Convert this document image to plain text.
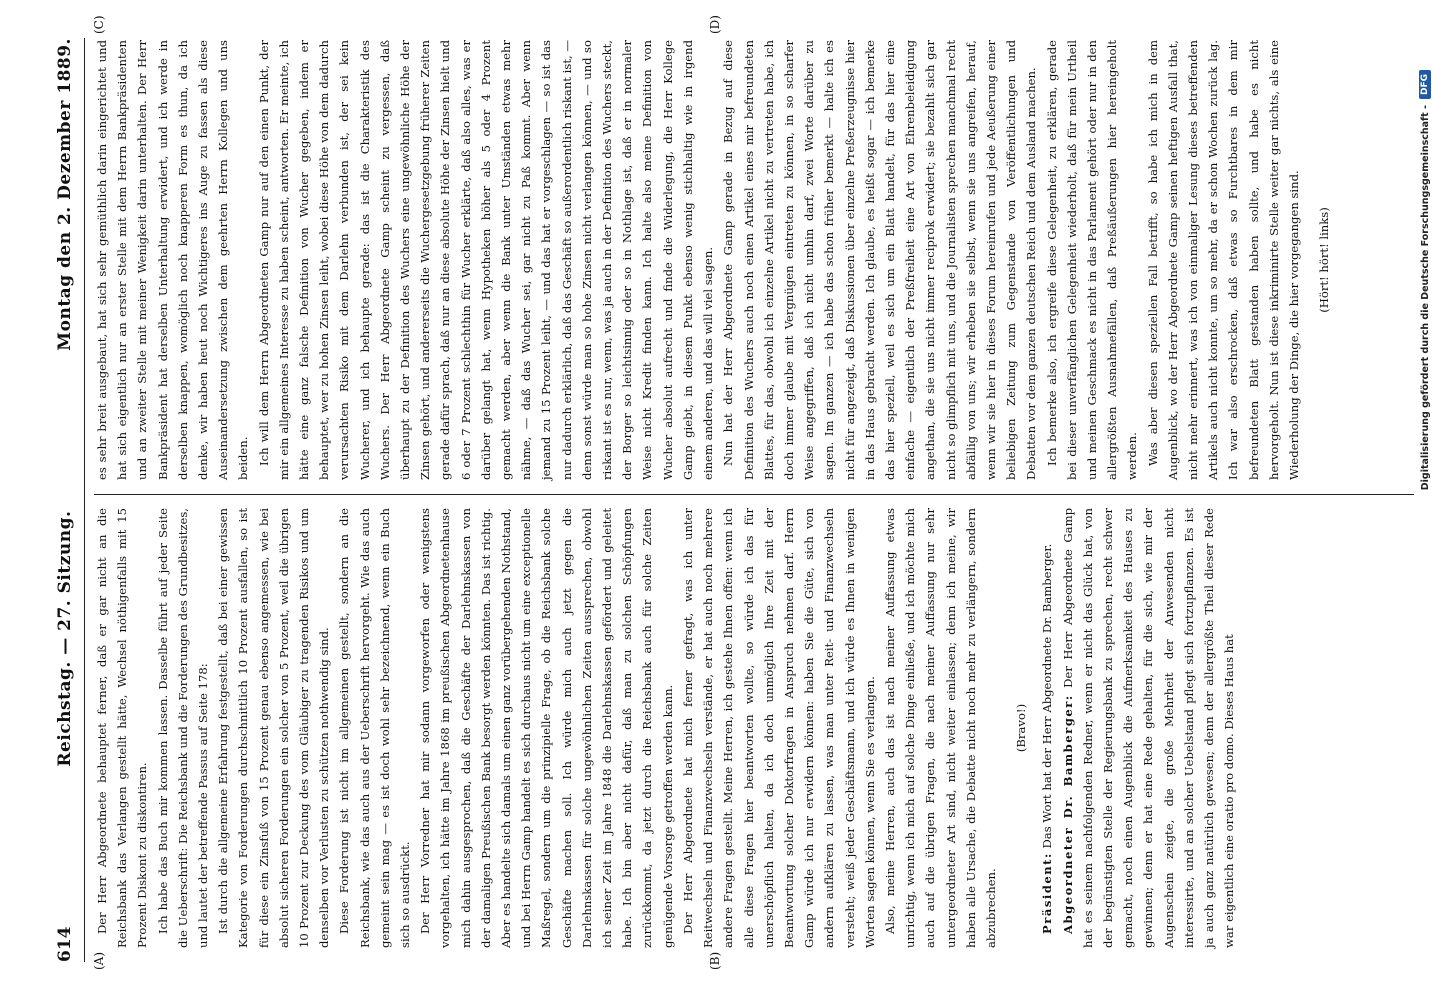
614
Reichstag. — 27. Sitzung.
Montag den 2. Dezember 1889.
(A)	(B)
(C)	(D)

Der Herr Abgeordnete behauptet ferner, daß er gar nicht an die Reichsbank das Verlangen gestellt hätte, Wechsel nöthigenfalls mit 15 Prozent Diskont zu diskontiren. Ich habe das Buch mir kommen lassen. Dasselbe führt auf jeder Seite die Ueberschrift: Die Reichsbank und die Forderungen des Grundbesitzes, und lautet der betreffende Passus auf Seite 178: Ist durch die allgemeine Erfahrung festgestellt, daß bei einer gewissen Kategorie von Forderungen durchschnittlich 10 Prozent ausfallen, so ist für diese ein Zinsfuß von 15 Prozent genau ebenso angemessen, wie bei absolut sicheren Forderungen ein solcher von 5 Prozent, weil die übrigen 10 Prozent zur Deckung des vom Gläubiger zu tragenden Risikos und um denselben vor Verlusten zu schützen nothwendig sind. Diese Forderung ist nicht im allgemeinen gestellt, sondern an die Reichsbank, wie das auch aus der Ueberschrift hervorgeht. Wie das auch gemeint sein mag — es ist doch wohl sehr bezeichnend, wenn ein Buch sich so ausdrückt. Der Herr Vorredner hat mir sodann vorgeworfen oder wenigstens vorgehalten, ich hätte im Jahre 1868 im preußischen Abgeordnetenhause mich dahin ausgesprochen, daß die Geschäfte der Darlehnskassen von der damaligen Preußischen Bank besorgt werden könnten. Das ist richtig. Aber es handelte sich damals um einen ganz vorübergehenden Nothstand, und bei Herrn Gamp handelt es sich durchaus nicht um eine exceptionelle Maßregel, sondern um die prinzipielle Frage, ob die Reichsbank solche Geschäfte machen soll. Ich würde mich auch jetzt gegen die Darlehnskassen für solche ungewöhnlichen Zeiten aussprechen, obwohl ich seiner Zeit im Jahre 1848 die Darlehnskassen gefördert und geleitet habe. Ich bin aber nicht dafür, daß man zu solchen Schöpfungen zurückkommt, da jetzt durch die Reichsbank auch für solche Zeiten genügende Vorsorge getroffen werden kann. Der Herr Abgeordnete hat mich ferner gefragt, was ich unter Reitwechseln und Finanzwechseln verstände, er hat auch noch mehrere andere Fragen gestellt. Meine Herren, ich gestehe Ihnen offen: wenn ich alle diese Fragen hier beantworten wollte, so würde ich das für unerschöpflich halten, da ich doch unmöglich Ihre Zeit mit der Beantwortung solcher Doktorfragen in Anspruch nehmen darf. Herrn Gamp würde ich nur erwidern können: haben Sie die Güte, sich von andern aufklären zu lassen, was man unter Reit- und Finanzwechseln versteht; weiß jeder Geschäftsmann, und ich würde es Ihnen in wenigen Worten sagen können, wenn Sie es verlangen. Also, meine Herren, auch das ist nach meiner Auffassung etwas unrichtig, wenn ich mich auf solche Dinge einließe, und ich möchte mich auch auf die übrigen Fragen, die nach meiner Auffassung nur sehr untergeordneter Art sind, nicht weiter einlassen; denn ich meine, wir haben alle Ursache, die Debatte nicht noch mehr zu verlängern, sondern abzubrechen.

(Bravo!)

Präsident: Das Wort hat der Herr Abgeordnete Dr. Bamberger. Abgeordneter Dr. Bamberger: Der Herr Abgeordnete Gamp hat es seinem nachfolgenden Redner, wenn er nicht das Glück hat, von der begünstigten Stelle der Regierungsbank zu sprechen, recht schwer gemacht, noch einen Augenblick die Aufmerksamkeit des Hauses zu gewinnen; denn er hat eine Rede gehalten, für die sich, wie mir der Augenschein zeigte, die große Mehrheit der Anwesenden nicht interessirte, und an solcher Uebelstand pflegt sich fortzupflanzen. Es ist ja auch ganz natürlich gewesen; denn der allergrößte Theil dieser Rede war eigentlich eine oratio pro domo. Dieses Haus hat

es sehr breit ausgebaut, hat sich sehr gemüthlich darin eingerichtet und hat sich eigentlich nur an erster Stelle mit dem Herrn Bankpräsidenten und an zweiter Stelle mit meiner Wenigkeit darin unterhalten. Der Herr Bankpräsident hat derselben Unterhaltung erwidert, und ich werde in derselben knappen, womöglich noch knapperen Form es thun, da ich denke, wir haben heut noch Wichtigeres ins Auge zu fassen als diese Auseinandersetzung zwischen dem geehrten Herrn Kollegen und uns beiden. Ich will dem Herrn Abgeordneten Gamp nur auf den einen Punkt, der mir ein allgemeines Interesse zu haben scheint, antworten. Er meinte, ich hätte eine ganz falsche Definition von Wucher gegeben, indem er behauptet, wer zu hohen Zinsen leiht, wobei diese Höhe von dem dadurch verursachten Risiko mit dem Darlehn verbunden ist, der sei kein Wucherer, und ich behaupte gerade: das ist die Charakteristik des Wuchers. Der Herr Abgeordnete Gamp scheint zu vergessen, daß überhaupt zu der Definition des Wuchers eine ungewöhnliche Höhe der Zinsen gehört, und andererseits die Wuchergesetzgebung früherer Zeiten gerade dafür sprach, daß nur an diese absolute Höhe der Zinsen hielt und 6 oder 7 Prozent schlechthin für Wucher erklärte, daß also alles, was er darüber gelangt hat, wenn Hypotheken höher als 5 oder 4 Prozent gemacht werden, aber wenn die Bank unter Umständen etwas mehr nähme, — daß das Wucher sei, gar nicht zu Paß kommt. Aber wenn jemand zu 15 Prozent leiht, — und das hat er vorgeschlagen — so ist das nur dadurch erklärlich, daß das Geschäft so außerordentlich riskant ist, — denn sonst würde man so hohe Zinsen nicht verlangen können, — und so riskant ist es nur, wenn, was ja auch in der Definition des Wuchers steckt, der Borger so leichtsinnig oder so in Nothlage ist, daß er in normaler Weise nicht Kredit finden kann. Ich halte also meine Definition von Wucher absolut aufrecht und finde die Widerlegung, die Herr Kollege Gamp giebt, in diesem Punkt ebenso wenig stichhaltig wie in irgend einem anderen, und das will viel sagen. Nun hat der Herr Abgeordnete Gamp gerade in Bezug auf diese Definition des Wuchers auch noch einen Artikel eines mir befreundeten Blattes, für das, obwohl ich einzelne Artikel nicht zu vertreten habe, ich doch immer glaube mit Vergnügen eintreten zu können, in so scharfer Weise angegriffen, daß ich nicht umhin darf, zwei Worte darüber zu sagen. Im ganzen — ich habe das schon früher bemerkt — halte ich es nicht für angezeigt, daß Diskussionen über einzelne Preßerzeugnisse hier in das Haus gebracht werden. Ich glaube, es heißt sogar — ich bemerke das hier speziell, weil es sich um ein Blatt handelt, für das hier eine einfache — eigentlich der Preßfreiheit eine Art von Ehrenbeleidigung angethan, die sie uns nicht immer reciprok erwidert; sie bezahlt sich gar nicht so glimpflich mit uns, und die Journalisten sprechen manchmal recht abfällig von uns; wir erheben sie selbst, wenn sie uns angreifen, herauf, wenn wir sie hier in dieses Forum hereinrufen und jede Aeußerung einer beliebigen Zeitung zum Gegenstande von Veröffentlichungen und Debatten vor dem ganzen deutschen Reich und dem Ausland machen. Ich bemerke also, ich ergreife diese Gelegenheit, zu erklären, gerade bei dieser unverfänglichen Gelegenheit wiederholt, daß für mein Urtheil und meinen Geschmack es nicht in das Parlament gehört oder nur in den allergrößten Ausnahmefällen, daß Preßäußerungen hier hereingeholt werden. Was aber diesen speziellen Fall betrifft, so habe ich mich in dem Augenblick, wo der Herr Abgeordnete Gamp seinen heftigen Ausfall that, nicht mehr erinnert, was ich von einmaliger Lesung dieses betreffenden Artikels auch nicht konnte, um so mehr, da er schon Wochen zurück lag. Ich war also erschrocken, daß etwas so Furchtbares in dem mir befreundeten Blatt gestanden haben sollte, und habe es nicht hervorgeholt. Nun ist diese inkriminirte Stelle weiter gar nichts, als eine Wiederholung der Dinge, die hier vorgegangen sind. (Hört! hört! links)	Digitalisierung gefördert durch die Deutsche Forschungsgemeinschaft -
DFG
